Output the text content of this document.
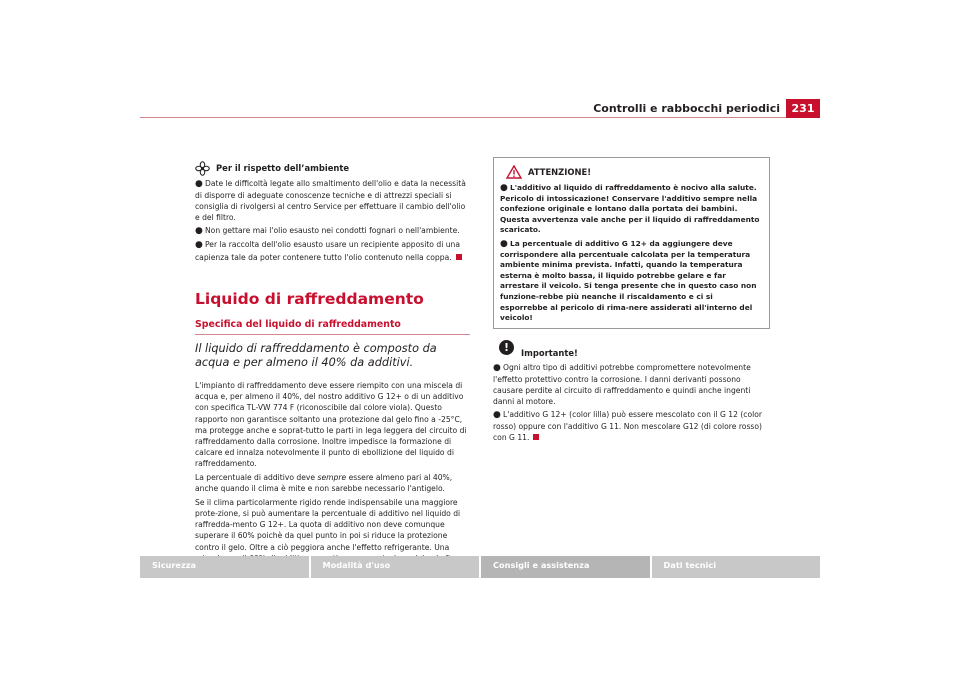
Controlli e rabbocchi periodici	231
Per il rispetto dell’ambiente

● Date le difficoltà legate allo smaltimento dell'olio e data la necessità di disporre di adeguate conoscenze tecniche e di attrezzi speciali si consiglia di rivolgersi al centro Service per effettuare il cambio dell'olio e del filtro.

● Non gettare mai l'olio esausto nei condotti fognari o nell'ambiente.

● Per la raccolta dell'olio esausto usare un recipiente apposito di una capienza tale da poter contenere tutto l'olio contenuto nella coppa.

Liquido di raffreddamento
Specifica del liquido di raffreddamento

Il liquido di raffreddamento è composto da acqua e per almeno il 40% da additivi.

L'impianto di raffreddamento deve essere riempito con una miscela di acqua e, per almeno il 40%, del nostro additivo G 12+ o di un additivo con specifica TL-VW 774 F (riconoscibile dal colore viola). Questo rapporto non garantisce soltanto una protezione dal gelo fino a -25°C, ma protegge anche e soprat-tutto le parti in lega leggera del circuito di raffreddamento dalla corrosione. Inoltre impedisce la formazione di calcare ed innalza notevolmente il punto di ebollizione del liquido di raffreddamento.

La percentuale di additivo deve sempre essere almeno pari al 40%, anche quando il clima è mite e non sarebbe necessario l'antigelo.

Se il clima particolarmente rigido rende indispensabile una maggiore prote-zione, si può aumentare la percentuale di additivo nel liquido di raffredda-mento G 12+. La quota di additivo non deve comunque superare il 60% poichè da quel punto in poi si riduce la protezione contro il gelo. Oltre a ciò peggiora anche l'effetto refrigerante. Una

ATTENZIONE!

● L'additivo al liquido di raffreddamento è nocivo alla salute. Pericolo di intossicazione! Conservare l'additivo sempre nella confezione originale e lontano dalla portata dei bambini. Questa avvertenza vale anche per il liquido di raffreddamento scaricato.

● La percentuale di additivo G 12+ da aggiungere deve corrispondere alla percentuale calcolata per la temperatura ambiente minima prevista. Infatti, quando la temperatura esterna è molto bassa, il liquido potrebbe gelare e far arrestare il veicolo. Si tenga presente che in questo caso non funzione-rebbe più neanche il riscaldamento e ci si esporrebbe al pericolo di rima-nere assiderati all'interno del veicolo!

!	Importante!

● Ogni altro tipo di additivi potrebbe compromettere notevolmente l'effetto protettivo contro la corrosione. I danni derivanti possono causare perdite al circuito di raffreddamento e quindi anche ingenti danni al motore.

● L'additivo G 12+ (color lilla) può essere mescolato con il G 12 (color rosso) oppure con l'additivo G 11. Non mescolare G12 (di colore rosso) con G 11.

Sicurezza	Modalità d'uso	Consigli e assistenza	Dati tecnici
